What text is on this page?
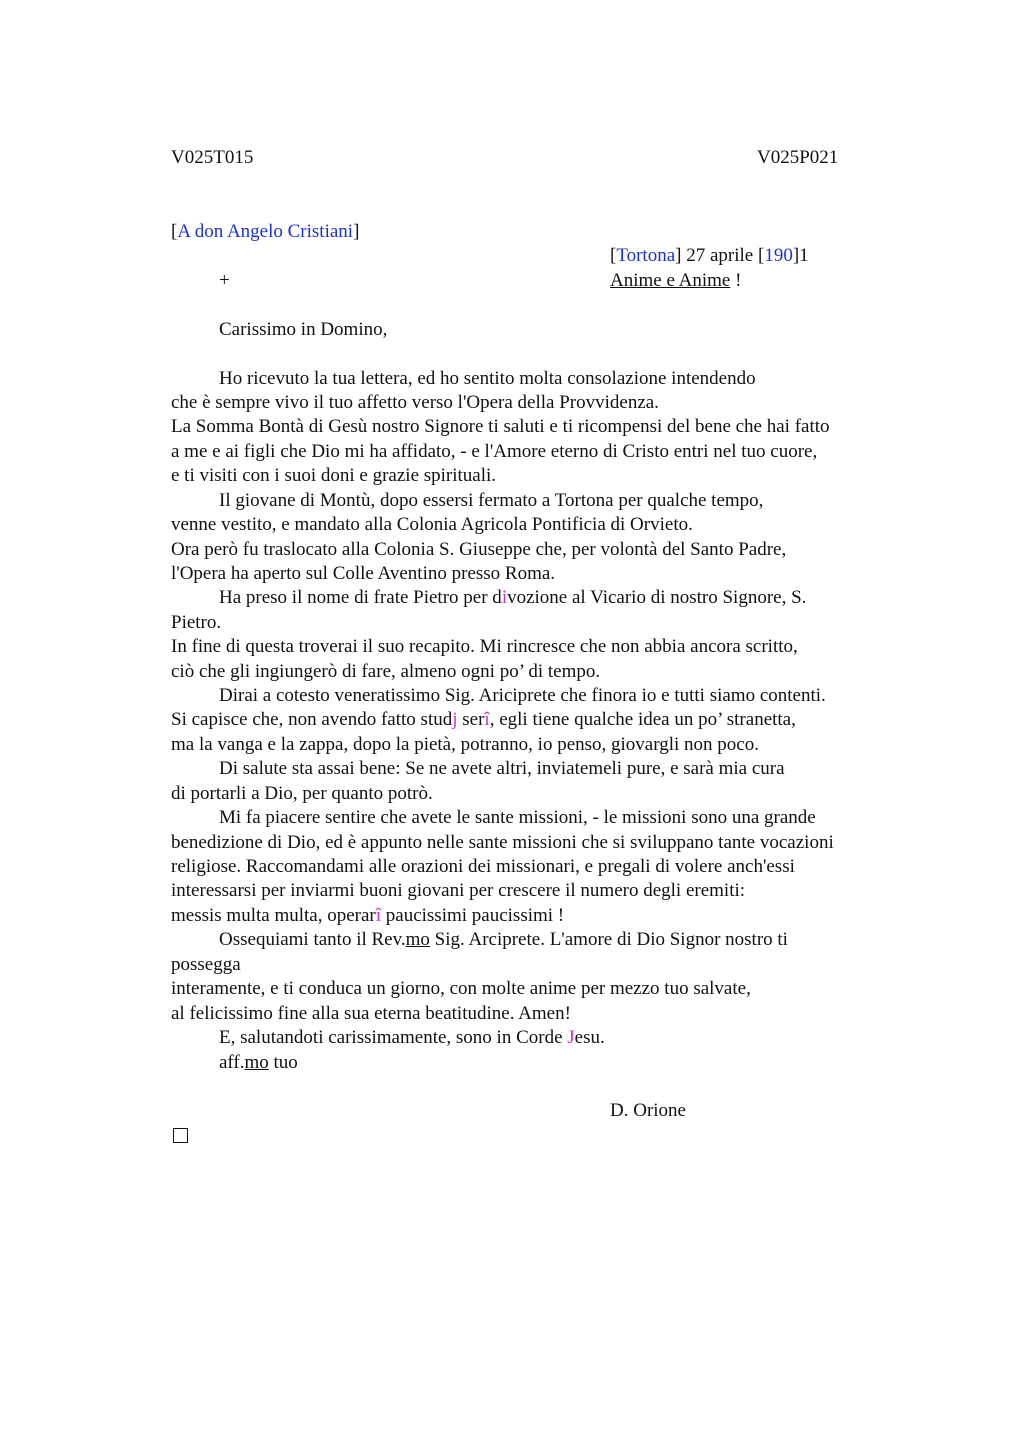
V025T015	V025P021
[A don Angelo Cristiani]
[Tortona] 27 aprile [190]1
+	Anime e Anime !
Carissimo in Domino,
Ho ricevuto la tua lettera, ed ho sentito molta consolazione intendendo
che è sempre vivo il tuo affetto verso l'Opera della Provvidenza.
La Somma Bontà di Gesù nostro Signore ti saluti e ti ricompensi del bene che hai fatto
a me e ai figli che Dio mi ha affidato, - e l'Amore eterno di Cristo entri nel tuo cuore,
e ti visiti con i suoi doni e grazie spirituali.
Il giovane di Montù, dopo essersi fermato a Tortona per qualche tempo,
venne vestito, e mandato alla Colonia Agricola Pontificia di Orvieto.
Ora però fu traslocato alla Colonia S. Giuseppe che, per volontà del Santo Padre,
l'Opera ha aperto sul Colle Aventino presso Roma.
Ha preso il nome di frate Pietro per divozione al Vicario di nostro Signore, S.
Pietro.
In fine di questa troverai il suo recapito. Mi rincresce che non abbia ancora scritto,
ciò che gli ingiungerò di fare, almeno ogni po’ di tempo.
Dirai a cotesto veneratissimo Sig. Ariciprete che finora io e tutti siamo contenti.
Si capisce che, non avendo fatto studj serî, egli tiene qualche idea un po’ stranetta,
ma la vanga e la zappa, dopo la pietà, potranno, io penso, giovargli non poco.
Di salute sta assai bene: Se ne avete altri, inviatemeli pure, e sarà mia cura
di portarli a Dio, per quanto potrò.
Mi fa piacere sentire che avete le sante missioni, - le missioni sono una grande
benedizione di Dio, ed è appunto nelle sante missioni che si sviluppano tante vocazioni
religiose. Raccomandami alle orazioni dei missionari, e pregali di volere anch'essi
interessarsi per inviarmi buoni giovani per crescere il numero degli eremiti:
messis multa multa, operarî paucissimi paucissimi !
Ossequiami tanto il Rev.mo Sig. Arciprete. L'amore di Dio Signor nostro ti
possegga
interamente, e ti conduca un giorno, con molte anime per mezzo tuo salvate,
al felicissimo fine alla sua eterna beatitudine. Amen!
E, salutandoti carissimamente, sono in Corde Jesu.
aff.mo tuo
D. Orione
